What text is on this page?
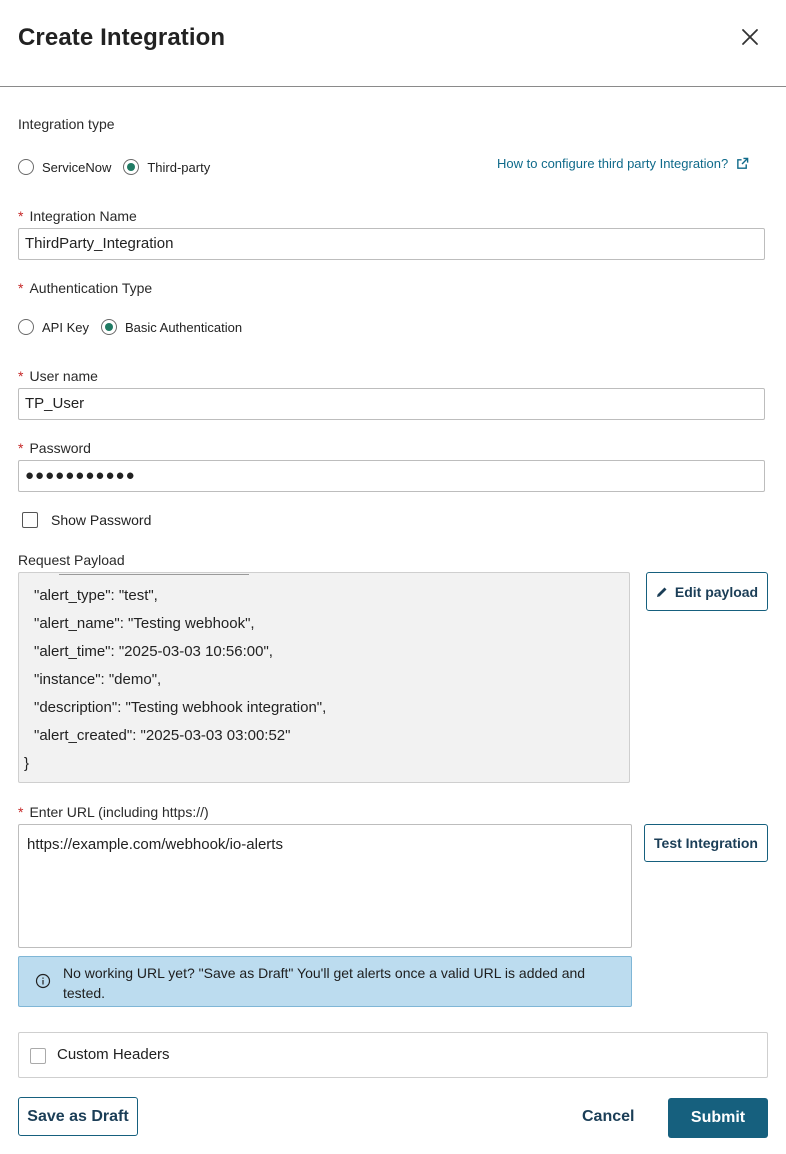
Create Integration
Integration type
ServiceNow	Third-party	How to configure third party Integration?
* Integration Name
ThirdParty_Integration
* Authentication Type
API Key	Basic Authentication
* User name
TP_User
* Password
●●●●●●●●●●●
Show Password
Request Payload
"alert_type": "test",
"alert_name": "Testing webhook",
"alert_time": "2025-03-03 10:56:00",
"instance": "demo",
"description": "Testing webhook integration",
"alert_created": "2025-03-03 03:00:52"
}
Edit payload
* Enter URL (including https://)
https://example.com/webhook/io-alerts	Test Integration
No working URL yet? "Save as Draft" You'll get alerts once a valid URL is added and tested.
Custom Headers
Save as Draft	Cancel	Submit
